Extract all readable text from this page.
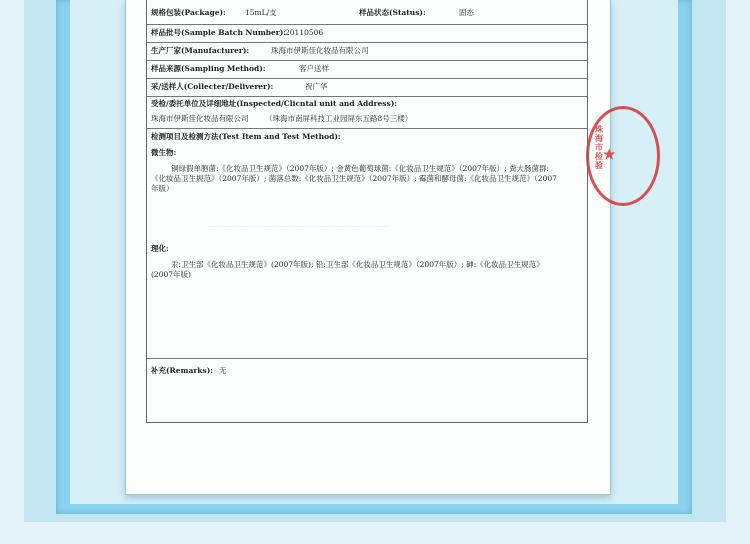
珠海市检验
★
规格包装(Package):	15mL/支	样品状态(Status):	固态
样品批号(Sample Batch Number):
20110506
生产厂家(Manufacturer):	珠海市伊斯佳化妆品有限公司
样品来源(Sampling Method):	客户送样
采/送样人(Collecter/Deliverer):	祝广华
受检/委托单位及详细地址(Inspected/Clicntal unit and Address):
珠海市伊斯佳化妆品有限公司 （珠海市南屏科技工业园屏东五路8号三楼）
检测项目及检测方法(Test Item and Test Method):
微生物:
铜绿假单胞菌:《化妆品卫生规范》（2007年版）; 金黄色葡萄球菌:《化妆品卫生规范》（2007年版）; 粪大肠菌群:《化妆品卫生规范》（2007年版）; 菌落总数:《化妆品卫生规范》（2007年版）; 霉菌和酵母菌:《化妆品卫生规范》（2007年版）
……………………………………………………………………
理化:
汞:卫生部《化妆品卫生规范》(2007年版); 铅:卫生部《化妆品卫生规范》（2007年版）; 砷:《化妆品卫生规范》(2007年版)
补充(Remarks): 无
